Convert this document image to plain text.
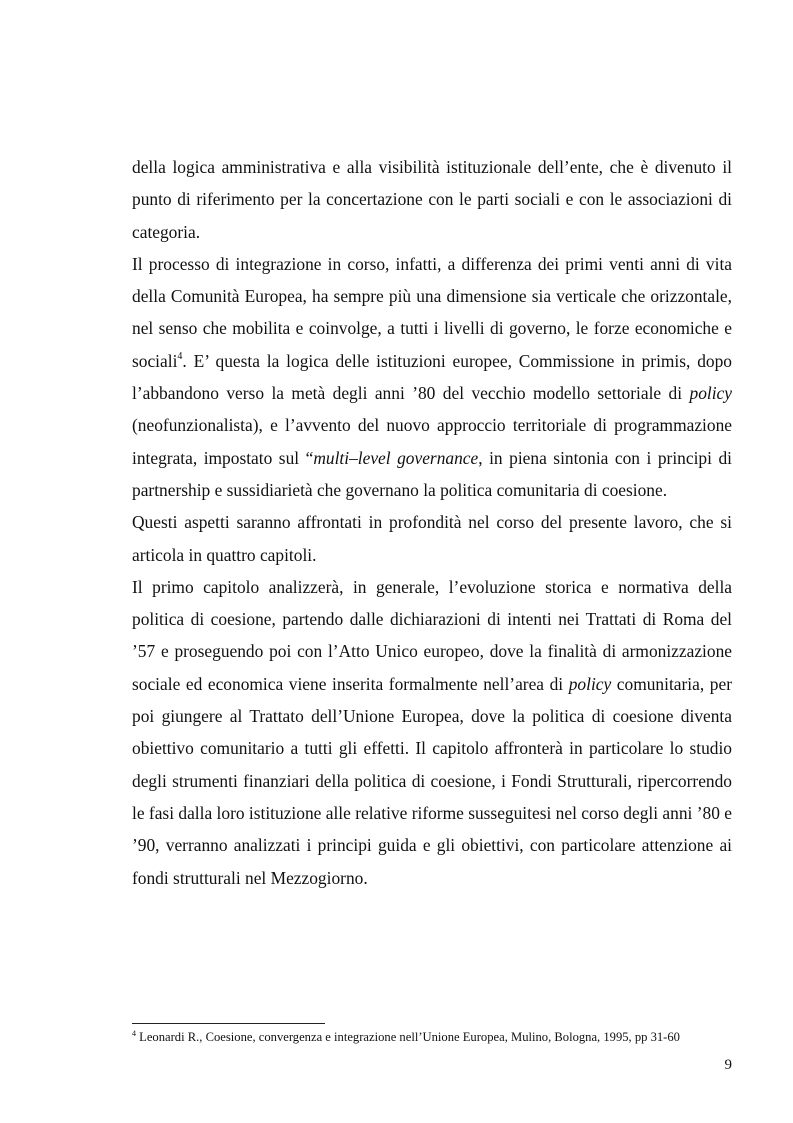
della logica amministrativa e alla visibilità istituzionale dell’ente, che è divenuto il punto di riferimento per la concertazione con le parti sociali e con le associazioni di categoria.

Il processo di integrazione in corso, infatti, a differenza dei primi venti anni di vita della Comunità Europea, ha sempre più una dimensione sia verticale che orizzontale, nel senso che mobilita e coinvolge, a tutti i livelli di governo, le forze economiche e sociali$^4$. E’ questa la logica delle istituzioni europee, Commissione in primis, dopo l’abbandono verso la metà degli anni ’80 del vecchio modello settoriale di policy (neofunzionalista), e l’avvento del nuovo approccio territoriale di programmazione integrata, impostato sul “multi–level governance, in piena sintonia con i principi di partnership e sussidiarietà che governano la politica comunitaria di coesione.

Questi aspetti saranno affrontati in profondità nel corso del presente lavoro, che si articola in quattro capitoli.

Il primo capitolo analizzerà, in generale, l’evoluzione storica e normativa della politica di coesione, partendo dalle dichiarazioni di intenti nei Trattati di Roma del ’57 e proseguendo poi con l’Atto Unico europeo, dove la finalità di armonizzazione sociale ed economica viene inserita formalmente nell’area di policy comunitaria, per poi giungere al Trattato dell’Unione Europea, dove la politica di coesione diventa obiettivo comunitario a tutti gli effetti. Il capitolo affronterà in particolare lo studio degli strumenti finanziari della politica di coesione, i Fondi Strutturali, ripercorrendo le fasi dalla loro istituzione alle relative riforme susseguitesi nel corso degli anni ’80 e ’90, verranno analizzati i principi guida e gli obiettivi, con particolare attenzione ai fondi strutturali nel Mezzogiorno.

$^4$ Leonardi R., Coesione, convergenza e integrazione nell’Unione Europea, Mulino, Bologna, 1995, pp 31-60
9
